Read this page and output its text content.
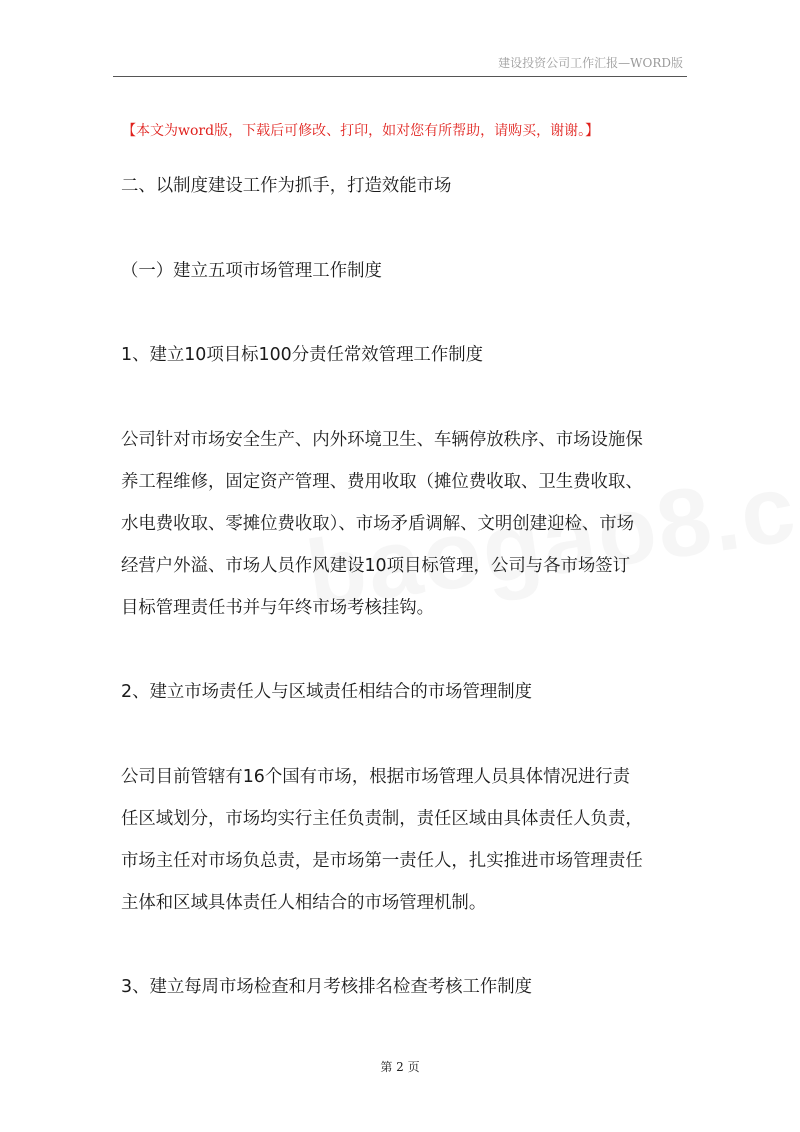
建设投资公司工作汇报—WORD版
【本文为word版，下载后可修改、打印，如对您有所帮助，请购买，谢谢。】
二、以制度建设工作为抓手，打造效能市场
（一）建立五项市场管理工作制度
1、建立10项目标100分责任常效管理工作制度
公司针对市场安全生产、内外环境卫生、车辆停放秩序、市场设施保
养工程维修，固定资产管理、费用收取（摊位费收取、卫生费收取、
水电费收取、零摊位费收取）、市场矛盾调解、文明创建迎检、市场
经营户外溢、市场人员作风建设10项目标管理，公司与各市场签订
目标管理责任书并与年终市场考核挂钩。
2、建立市场责任人与区域责任相结合的市场管理制度
公司目前管辖有16个国有市场，根据市场管理人员具体情况进行责
任区域划分，市场均实行主任负责制，责任区域由具体责任人负责，
市场主任对市场负总责，是市场第一责任人，扎实推进市场管理责任
主体和区域具体责任人相结合的市场管理机制。
3、建立每周市场检查和月考核排名检查考核工作制度
第 2 页
